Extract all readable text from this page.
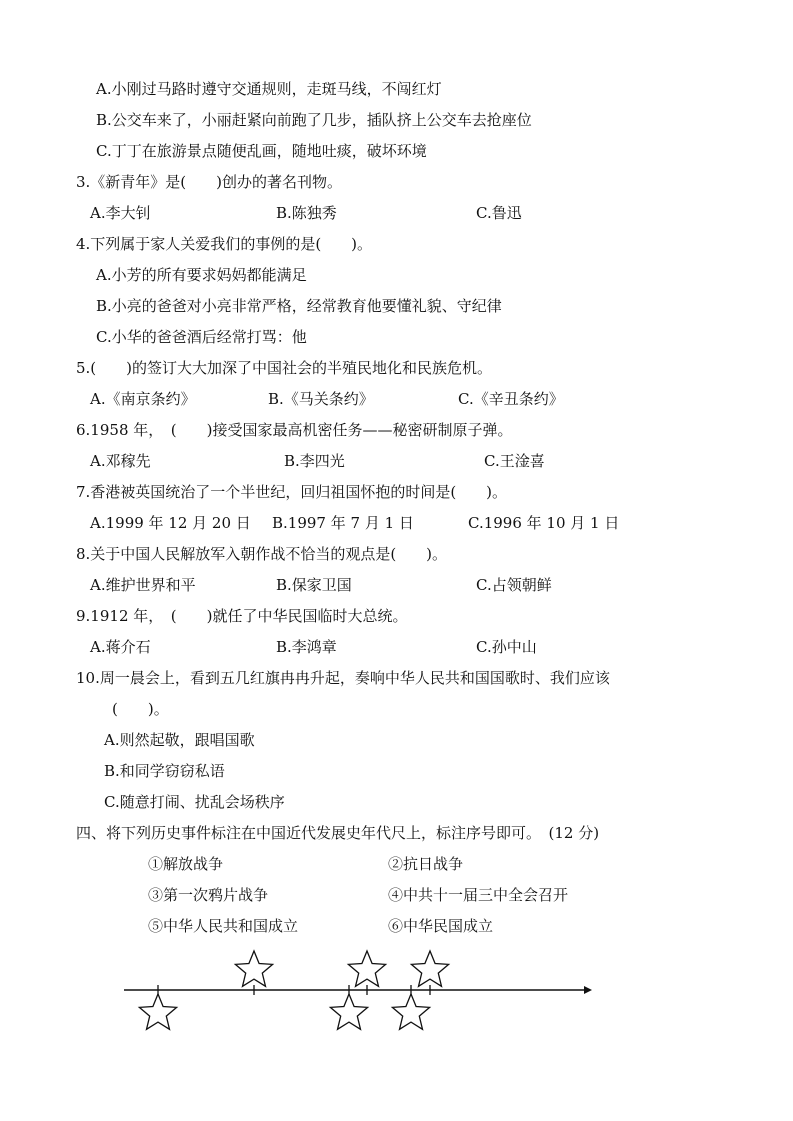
A.小刚过马路时遵守交通规则，走斑马线，不闯红灯
B.公交车来了，小丽赶紧向前跑了几步，插队挤上公交车去抢座位
C.丁丁在旅游景点随便乱画，随地吐痰，破坏环境
3.《新青年》是(　　)创办的著名刊物。
A.李大钊	B.陈独秀	C.鲁迅
4.下列属于家人关爱我们的事例的是(　　)。
A.小芳的所有要求妈妈都能满足
B.小亮的爸爸对小亮非常严格，经常教育他要懂礼貌、守纪律
C.小华的爸爸酒后经常打骂：他
5.(　　)的签订大大加深了中国社会的半殖民地化和民族危机。
A.《南京条约》	B.《马关条约》	C.《辛丑条约》
6.1958 年，　(　　)接受国家最高机密任务——秘密研制原子弹。
A.邓稼先	B.李四光	C.王淦喜
7.香港被英国统治了一个半世纪，回归祖国怀抱的时间是(　　)。
A.1999 年 12 月 20 日 B.1997 年 7 月 1 日	C.1996 年 10 月 1 日
8.关于中国人民解放军入朝作战不恰当的观点是(　　)。
A.维护世界和平	B.保家卫国	C.占领朝鲜
9.1912 年，　(　　)就任了中华民国临时大总统。
A.蒋介石	B.李鸿章	C.孙中山
10.周一晨会上，看到五几红旗冉冉升起，奏响中华人民共和国国歌时、我们应该
(　　)。
A.则然起敬，跟唱国歌
B.和同学窃窃私语
C.随意打闹、扰乱会场秩序
四、将下列历史事件标注在中国近代发展史年代尺上，标注序号即可。　(12 分)
①解放战争	②抗日战争
③第一次鸦片战争	④中共十一届三中全会召开
⑤中华人民共和国成立	⑥中华民国成立
